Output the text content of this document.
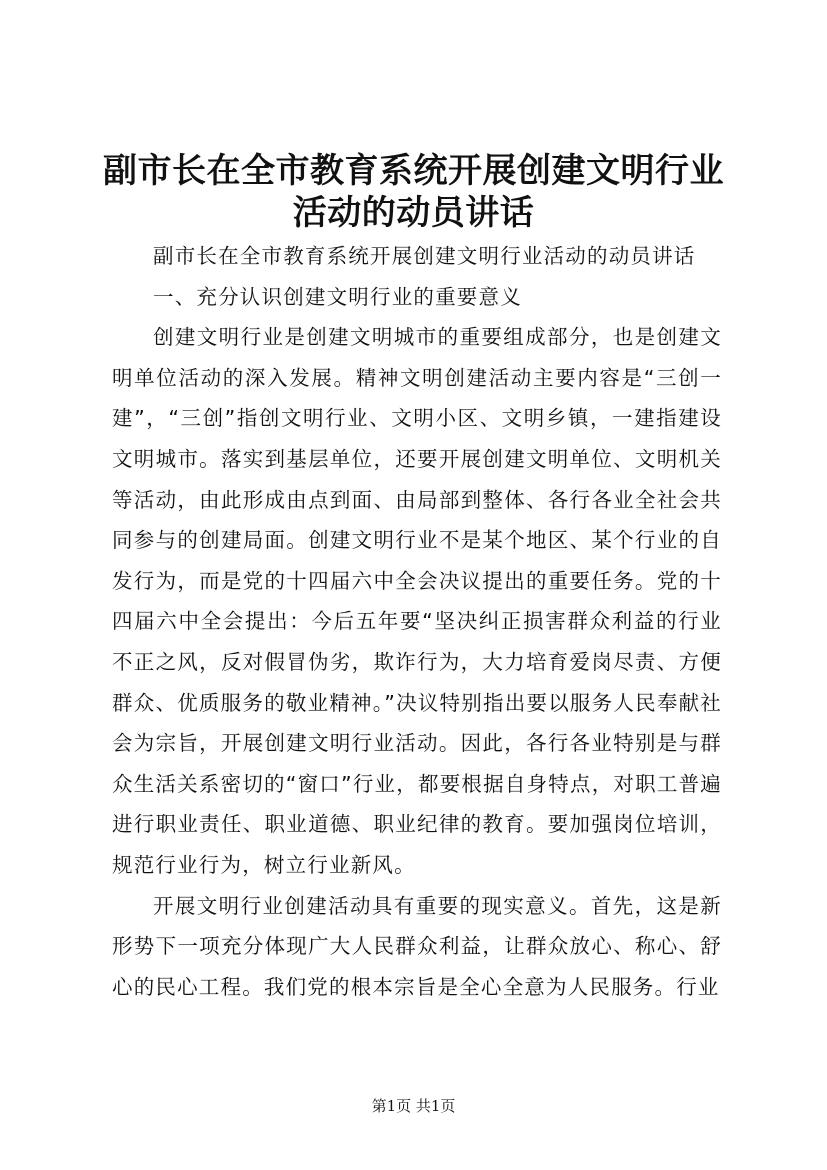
副市长在全市教育系统开展创建文明行业活动的动员讲话

副市长在全市教育系统开展创建文明行业活动的动员讲话

一、充分认识创建文明行业的重要意义

创建文明行业是创建文明城市的重要组成部分，也是创建文明单位活动的深入发展。精神文明创建活动主要内容是“三创一建”，“三创”指创文明行业、文明小区、文明乡镇，一建指建设文明城市。落实到基层单位，还要开展创建文明单位、文明机关等活动，由此形成由点到面、由局部到整体、各行各业全社会共同参与的创建局面。创建文明行业不是某个地区、某个行业的自发行为，而是党的十四届六中全会决议提出的重要任务。党的十四届六中全会提出：今后五年要“坚决纠正损害群众利益的行业不正之风，反对假冒伪劣，欺诈行为，大力培育爱岗尽责、方便群众、优质服务的敬业精神。”决议特别指出要以服务人民奉献社会为宗旨，开展创建文明行业活动。因此，各行各业特别是与群众生活关系密切的“窗口”行业，都要根据自身特点，对职工普遍进行职业责任、职业道德、职业纪律的教育。要加强岗位培训，规范行业行为，树立行业新风。

开展文明行业创建活动具有重要的现实意义。首先，这是新形势下一项充分体现广大人民群众利益，让群众放心、称心、舒心的民心工程。我们党的根本宗旨是全心全意为人民服务。行业

第1页 共1页
